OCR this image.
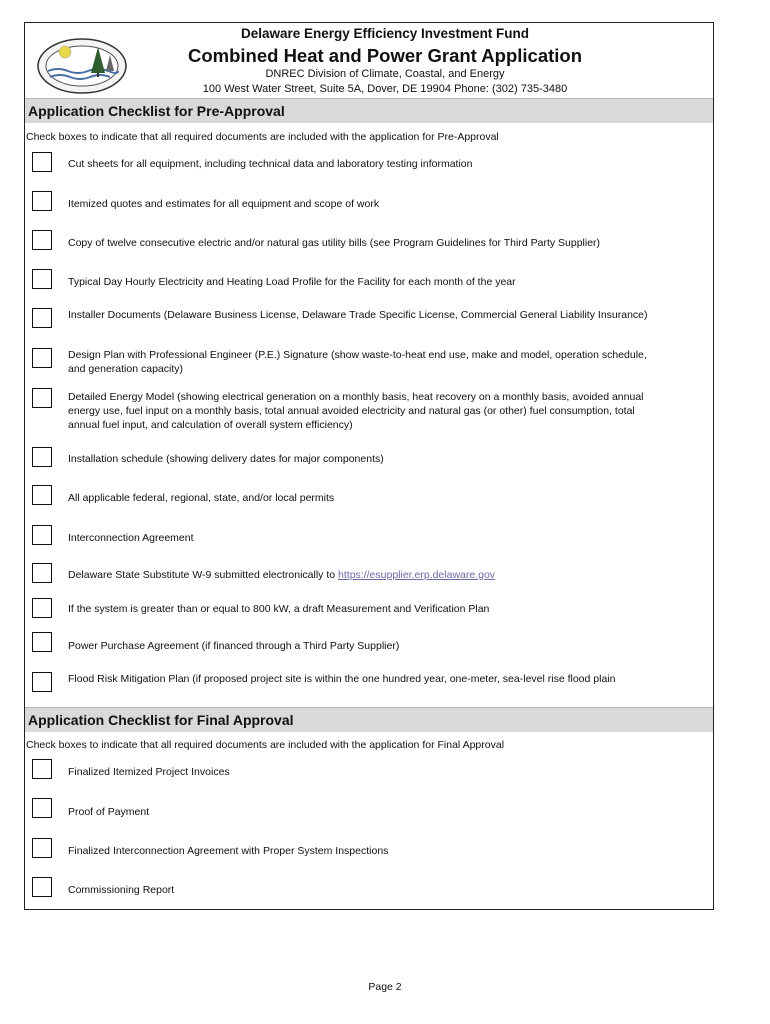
Delaware Energy Efficiency Investment Fund
Combined Heat and Power Grant Application
DNREC Division of Climate, Coastal, and Energy
100 West Water Street, Suite 5A, Dover, DE 19904 Phone: (302) 735-3480
Application Checklist for Pre-Approval
Check boxes to indicate that all required documents are included with the application for Pre-Approval
Cut sheets for all equipment, including technical data and laboratory testing information
Itemized quotes and estimates for all equipment and scope of work
Copy of twelve consecutive electric and/or natural gas utility bills (see Program Guidelines for Third Party Supplier)
Typical Day Hourly Electricity and Heating Load Profile for the Facility for each month of the year
Installer Documents (Delaware Business License, Delaware Trade Specific License, Commercial General Liability Insurance)
Design Plan with Professional Engineer (P.E.) Signature (show waste-to-heat end use, make and model, operation schedule, and generation capacity)
Detailed Energy Model (showing electrical generation on a monthly basis, heat recovery on a monthly basis, avoided annual energy use, fuel input on a monthly basis, total annual avoided electricity and natural gas (or other) fuel consumption, total annual fuel input, and calculation of overall system efficiency)
Installation schedule (showing delivery dates for major components)
All applicable federal, regional, state, and/or local permits
Interconnection Agreement
Delaware State Substitute W-9 submitted electronically to https://esupplier.erp.delaware.gov
If the system is greater than or equal to 800 kW, a draft Measurement and Verification Plan
Power Purchase Agreement (if financed through a Third Party Supplier)
Flood Risk Mitigation Plan (if proposed project site is within the one hundred year, one-meter, sea-level rise flood plain
Application Checklist for Final Approval
Check boxes to indicate that all required documents are included with the application for Final Approval
Finalized Itemized Project Invoices
Proof of Payment
Finalized Interconnection Agreement with Proper System Inspections
Commissioning Report
Page 2
